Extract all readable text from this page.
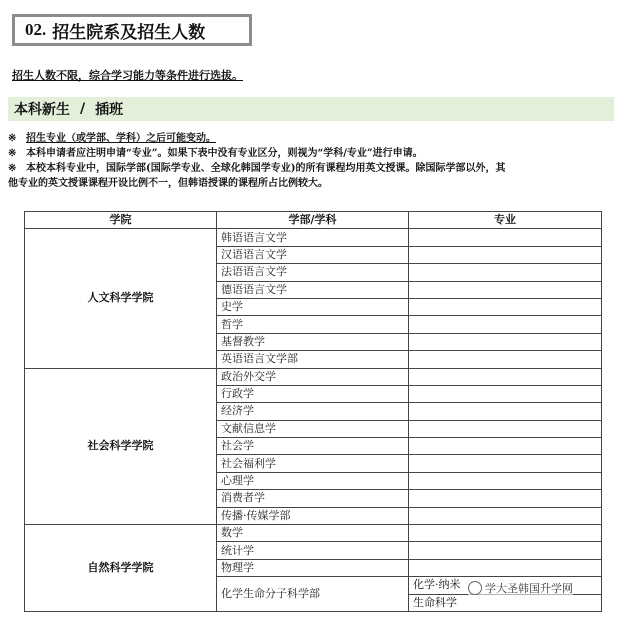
02. 招生院系及招生人数
招生人数不限，综合学习能力等条件进行选拔。
本科新生 / 插班
※ 招生专业（或学部、学科）之后可能变动。
※ 本科申请者应注明申请“专业”。如果下表中没有专业区分，则视为“学科/专业”进行申请。
※ 本校本科专业中，国际学部(国际学专业、全球化韩国学专业)的所有课程均用英文授课。除国际学部以外，其
他专业的英文授课课程开设比例不一，但韩语授课的课程所占比例较大。
学院	学部/学科	专业
人文科学学院	韩语语言文学	
	汉语语言文学	
	法语语言文学	
	德语语言文学	
	史学	
	哲学	
	基督教学	
	英语语言文学部	
社会科学学院	政治外交学	
	行政学	
	经济学	
	文献信息学	
	社会学	
	社会福利学	
	心理学	
	消费者学	
	传播·传媒学部	
自然科学学院	数学	
	统计学	
	物理学	
	化学生命分子科学部	化学·纳米
		生命科学
学大圣韩国升学网
